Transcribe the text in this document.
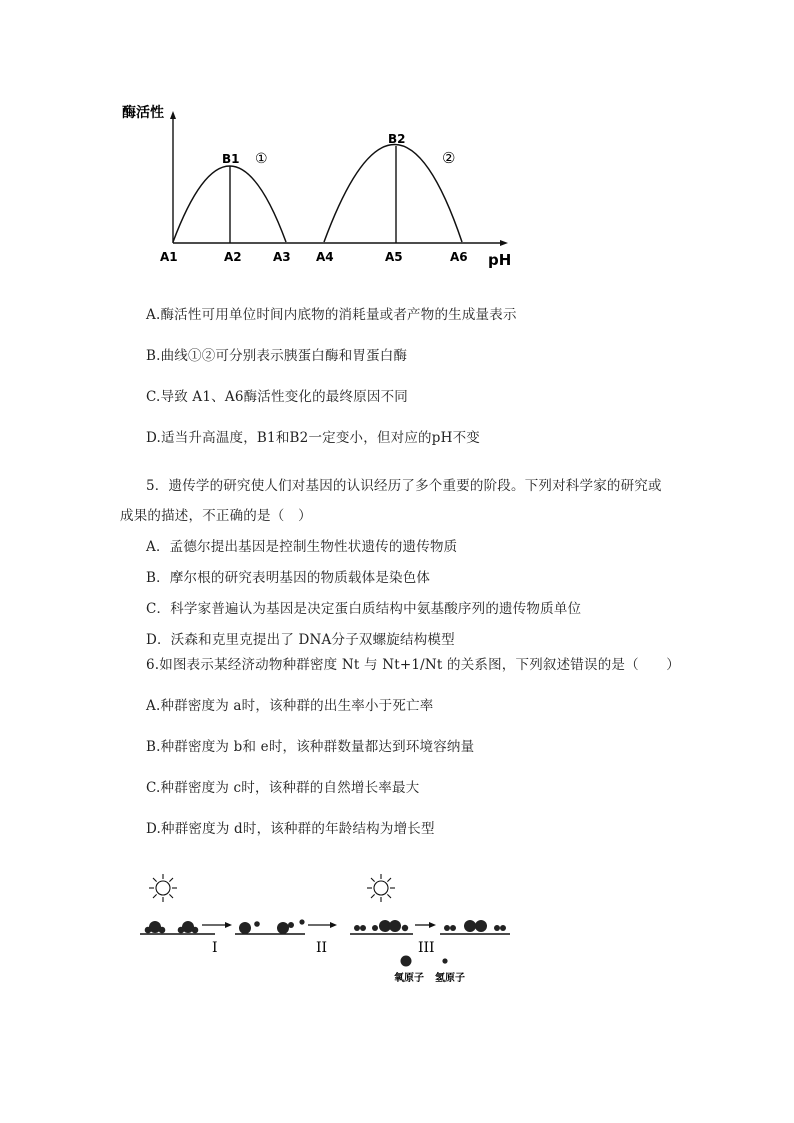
酶活性
pH
B1
B2
①	②
A1	A2	A3 A4	A5	A6
A.酶活性可用单位时间内底物的消耗量或者产物的生成量表示
B.曲线①②可分别表示胰蛋白酶和胃蛋白酶
C.导致 A1、A6酶活性变化的最终原因不同
D.适当升高温度，B1和B2一定变小，但对应的pH不变
5．遗传学的研究使人们对基因的认识经历了多个重要的阶段。下列对科学家的研究或
成果的描述，不正确的是（　）
A．孟德尔提出基因是控制生物性状遗传的遗传物质
B．摩尔根的研究表明基因的物质载体是染色体
C．科学家普遍认为基因是决定蛋白质结构中氨基酸序列的遗传物质单位
D．沃森和克里克提出了 DNA分子双螺旋结构模型
6.如图表示某经济动物种群密度 Nt 与 Nt+1/Nt 的关系图，下列叙述错误的是（　　）
A.种群密度为 a时，该种群的出生率小于死亡率
B.种群密度为 b和 e时，该种群数量都达到环境容纳量
C.种群密度为 c时，该种群的自然增长率最大
D.种群密度为 d时，该种群的年龄结构为增长型
I	II	III
氧原子 氢原子
